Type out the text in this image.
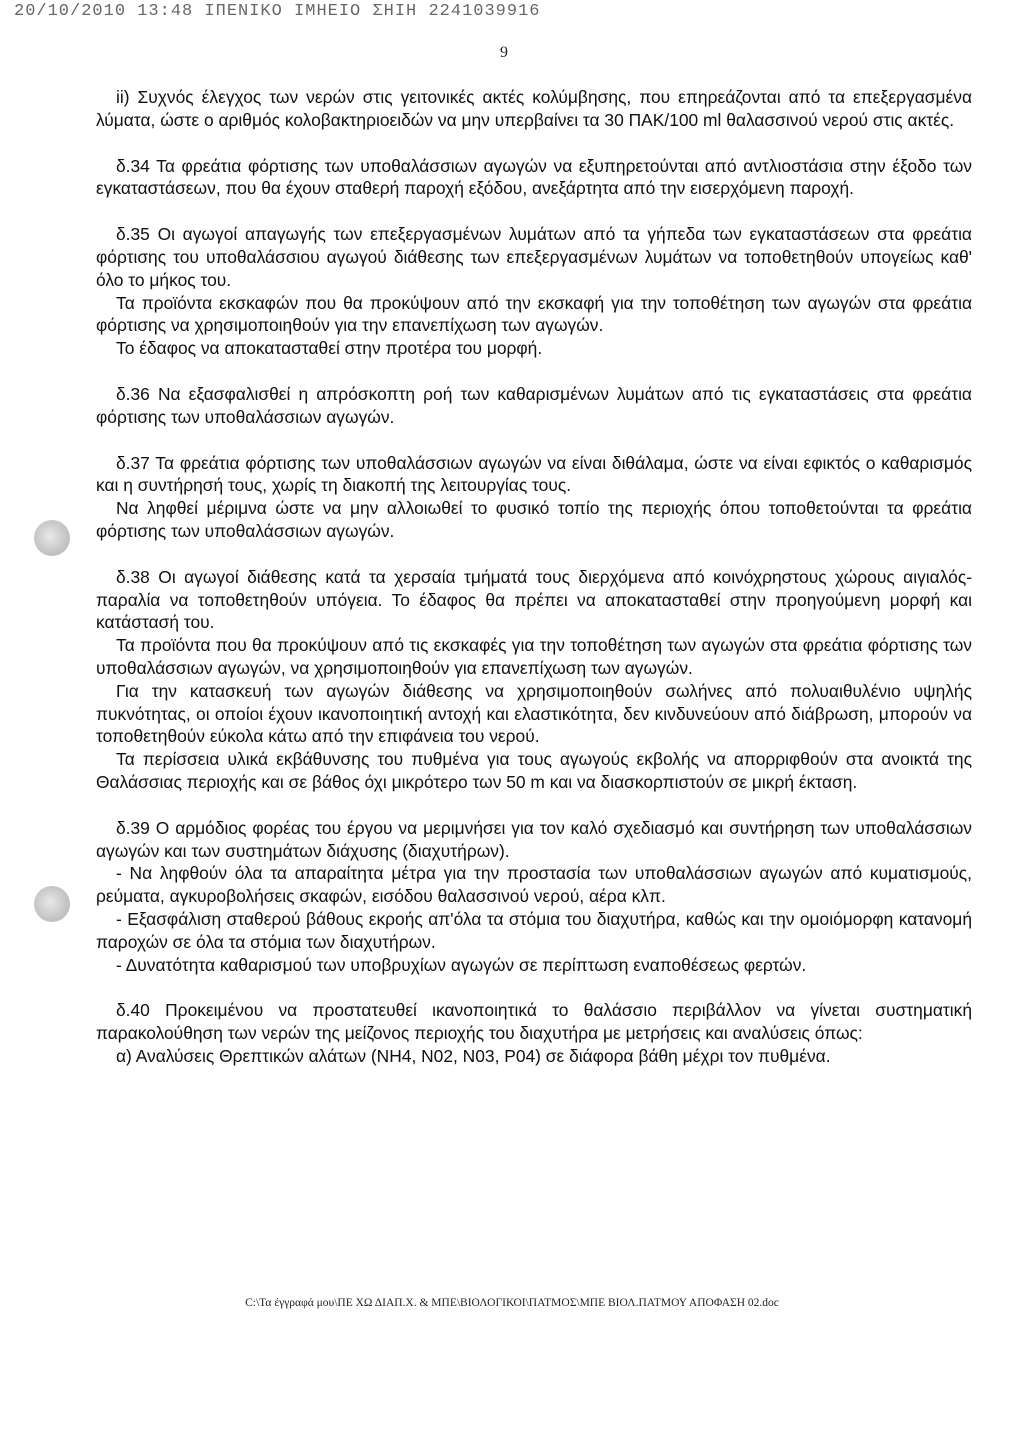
20/10/2010 13:48 ΙΠΕΝΙΚΟ ΙΜΗΕΙΟ ΣΗΙΗ 2241039916
9

ii) Συχνός έλεγχος των νερών στις γειτονικές ακτές κολύμβησης, που επηρεάζονται από τα επεξεργασμένα λύματα, ώστε ο αριθμός κολοβακτηριοειδών να μην υπερβαίνει τα 30 ΠΑΚ/100 ml θαλασσινού νερού στις ακτές.

δ.34 Τα φρεάτια φόρτισης των υποθαλάσσιων αγωγών να εξυπηρετούνται από αντλιοστάσια στην έξοδο των εγκαταστάσεων, που θα έχουν σταθερή παροχή εξόδου, ανεξάρτητα από την εισερχόμενη παροχή.

δ.35 Οι αγωγοί απαγωγής των επεξεργασμένων λυμάτων από τα γήπεδα των εγκαταστάσεων στα φρεάτια φόρτισης του υποθαλάσσιου αγωγού διάθεσης των επεξεργασμένων λυμάτων να τοποθετηθούν υπογείως καθ' όλο το μήκος του.
Τα προϊόντα εκσκαφών που θα προκύψουν από την εκσκαφή για την τοποθέτηση των αγωγών στα φρεάτια φόρτισης να χρησιμοποιηθούν για την επανεπίχωση των αγωγών.
Το έδαφος να αποκατασταθεί στην προτέρα του μορφή.

δ.36 Να εξασφαλισθεί η απρόσκοπτη ροή των καθαρισμένων λυμάτων από τις εγκαταστάσεις στα φρεάτια φόρτισης των υποθαλάσσιων αγωγών.

δ.37 Τα φρεάτια φόρτισης των υποθαλάσσιων αγωγών να είναι διθάλαμα, ώστε να είναι εφικτός ο καθαρισμός και η συντήρησή τους, χωρίς τη διακοπή της λειτουργίας τους.
Να ληφθεί μέριμνα ώστε να μην αλλοιωθεί το φυσικό τοπίο της περιοχής όπου τοποθετούνται τα φρεάτια φόρτισης των υποθαλάσσιων αγωγών.

δ.38 Οι αγωγοί διάθεσης κατά τα χερσαία τμήματά τους διερχόμενα από κοινόχρηστους χώρους αιγιαλός-παραλία να τοποθετηθούν υπόγεια. Το έδαφος θα πρέπει να αποκατασταθεί στην προηγούμενη μορφή και κατάστασή του.
Τα προϊόντα που θα προκύψουν από τις εκσκαφές για την τοποθέτηση των αγωγών στα φρεάτια φόρτισης των υποθαλάσσιων αγωγών, να χρησιμοποιηθούν για επανεπίχωση των αγωγών.
Για την κατασκευή των αγωγών διάθεσης να χρησιμοποιηθούν σωλήνες από πολυαιθυλένιο υψηλής πυκνότητας, οι οποίοι έχουν ικανοποιητική αντοχή και ελαστικότητα, δεν κινδυνεύουν από διάβρωση, μπορούν να τοποθετηθούν εύκολα κάτω από την επιφάνεια του νερού.
Τα περίσσεια υλικά εκβάθυνσης του πυθμένα για τους αγωγούς εκβολής να απορριφθούν στα ανοικτά της Θαλάσσιας περιοχής και σε βάθος όχι μικρότερο των 50 m και να διασκορπιστούν σε μικρή έκταση.

δ.39 Ο αρμόδιος φορέας του έργου να μεριμνήσει για τον καλό σχεδιασμό και συντήρηση των υποθαλάσσιων αγωγών και των συστημάτων διάχυσης (διαχυτήρων).
- Να ληφθούν όλα τα απαραίτητα μέτρα για την προστασία των υποθαλάσσιων αγωγών από κυματισμούς, ρεύματα, αγκυροβολήσεις σκαφών, εισόδου θαλασσινού νερού, αέρα κλπ.
- Εξασφάλιση σταθερού βάθους εκροής απ'όλα τα στόμια του διαχυτήρα, καθώς και την ομοιόμορφη κατανομή παροχών σε όλα τα στόμια των διαχυτήρων.
- Δυνατότητα καθαρισμού των υποβρυχίων αγωγών σε περίπτωση εναποθέσεως φερτών.

δ.40 Προκειμένου να προστατευθεί ικανοποιητικά το θαλάσσιο περιβάλλον να γίνεται συστηματική παρακολούθηση των νερών της μείζονος περιοχής του διαχυτήρα με μετρήσεις και αναλύσεις όπως:
α) Αναλύσεις Θρεπτικών αλάτων (NH4, N02, N03, P04) σε διάφορα βάθη μέχρι τον πυθμένα.

C:\Τα έγγραφά μου\ΠΕ ΧΩ ΔΙΑΠ.Χ. & ΜΠΕ\ΒΙΟΛΟΓΙΚΟΙ\ΠΑΤΜΟΣ\ΜΠΕ ΒΙΟΛ.ΠΑΤΜΟΥ ΑΠΟΦΑΣΗ 02.doc
